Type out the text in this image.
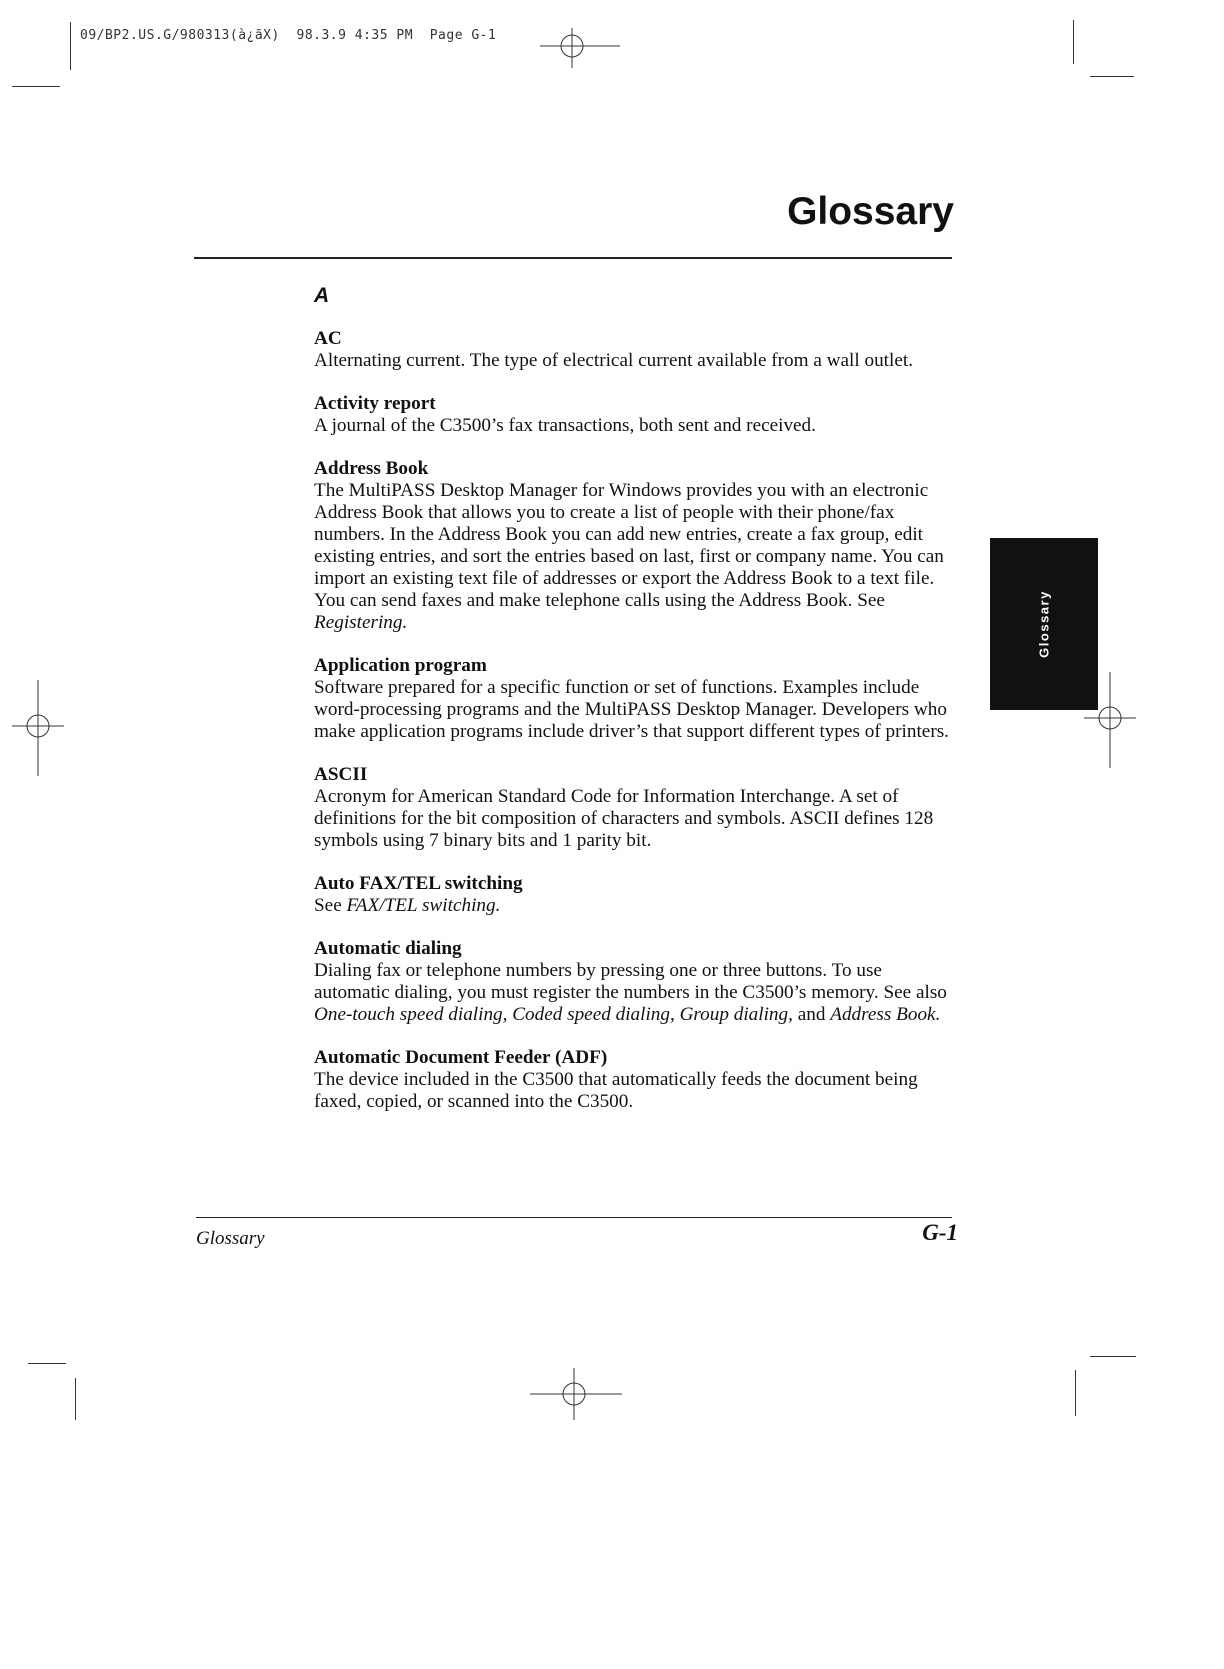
09/BP2.US.G/980313(à¿ãX)  98.3.9 4:35 PM  Page G-1
Glossary
A
AC
Alternating current. The type of electrical current available from a wall outlet.
Activity report
A journal of the C3500’s fax transactions, both sent and received.
Address Book
The MultiPASS Desktop Manager for Windows provides you with an electronic Address Book that allows you to create a list of people with their phone/fax numbers. In the Address Book you can add new entries, create a fax group, edit existing entries, and sort the entries based on last, first or company name. You can import an existing text file of addresses or export the Address Book to a text file. You can send faxes and make telephone calls using the Address Book. See Registering.
Application program
Software prepared for a specific function or set of functions. Examples include word-processing programs and the MultiPASS Desktop Manager. Developers who make application programs include driver’s that support different types of printers.
ASCII
Acronym for American Standard Code for Information Interchange. A set of definitions for the bit composition of characters and symbols. ASCII defines 128 symbols using 7 binary bits and 1 parity bit.
Auto FAX/TEL switching
See FAX/TEL switching.
Automatic dialing
Dialing fax or telephone numbers by pressing one or three buttons. To use automatic dialing, you must register the numbers in the C3500’s memory. See also One-touch speed dialing, Coded speed dialing, Group dialing, and Address Book.
Automatic Document Feeder (ADF)
The device included in the C3500 that automatically feeds the document being faxed, copied, or scanned into the C3500.
Glossary
Glossary	G-1
